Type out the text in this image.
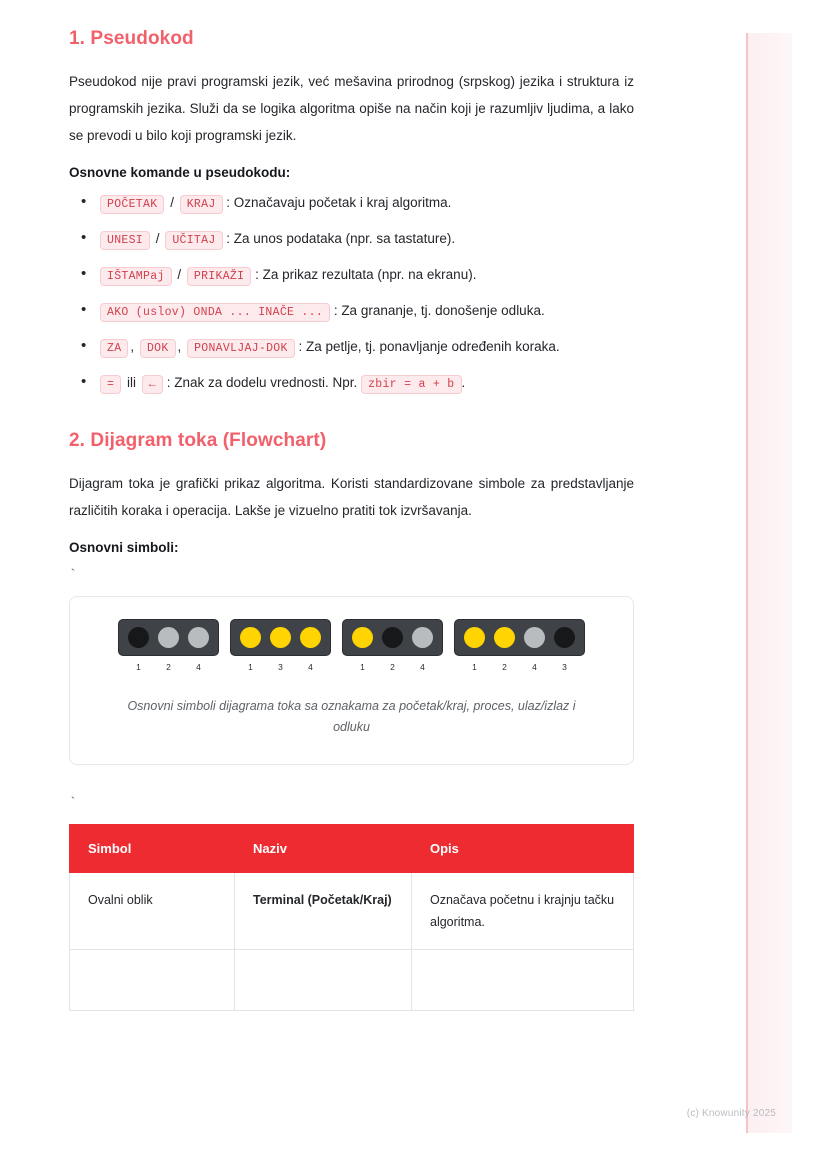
1. Pseudokod

Pseudokod nije pravi programski jezik, već mešavina prirodnog (srpskog) jezika i struktura iz programskih jezika. Služi da se logika algoritma opiše na način koji je razumljiv ljudima, a lako se prevodi u bilo koji programski jezik.

Osnovne komande u pseudokodu:

• POČETAK / KRAJ : Označavaju početak i kraj algoritma.
• UNESI / UČITAJ : Za unos podataka (npr. sa tastature).
• IŠTAMPaj / PRIKAŽI : Za prikaz rezultata (npr. na ekranu).
• AKO (uslov) ONDA ... INAČE ... : Za grananje, tj. donošenje odluka.
• ZA , DOK , PONAVLJAJ-DOK : Za petlje, tj. ponavljanje određenih koraka.
• = ili ← : Znak za dodelu vrednosti. Npr. zbir = a + b .
2. Dijagram toka (Flowchart)

Dijagram toka je grafički prikaz algoritma. Koristi standardizovane simbole za predstavljanje različitih koraka i operacija. Lakše je vizuelno pratiti tok izvršavanja.

Osnovni simboli:

`

1	2	4	1	3	4	1	2	4	1	2	4	3
Osnovni simboli dijagrama toka sa oznakama za početak/kraj, proces, ulaz/izlaz i odluku

`

Simbol	Naziv	Opis
Ovalni oblik	Terminal (Početak/Kraj)	Označava početnu i krajnju tačku algoritma.

(c) Knowunity 2025
